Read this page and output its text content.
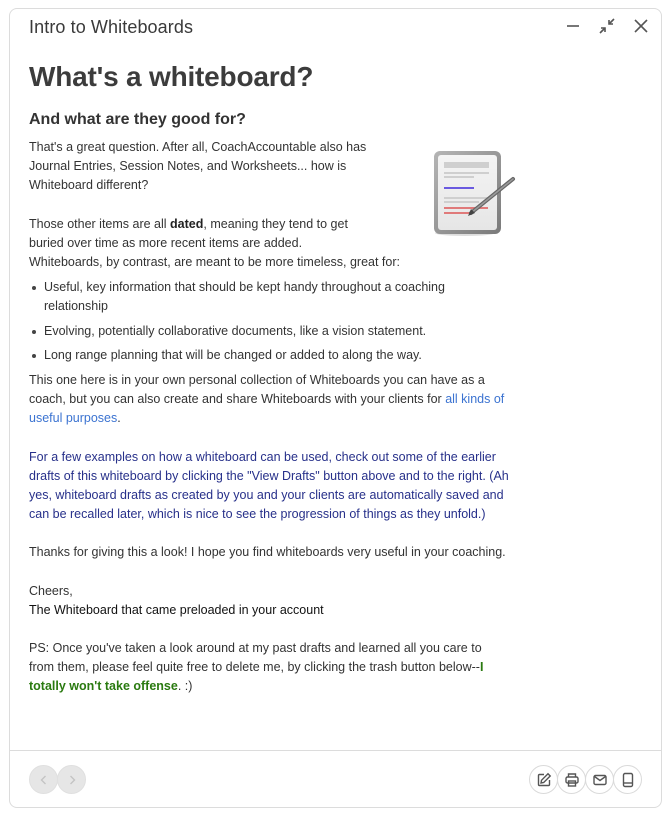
Intro to Whiteboards
What's a whiteboard?
And what are they good for?

That's a great question. After all, CoachAccountable also has Journal Entries, Session Notes, and Worksheets... how is Whiteboard different?

Those other items are all dated, meaning they tend to get buried over time as more recent items are added.

Whiteboards, by contrast, are meant to be more timeless, great for:

Useful, key information that should be kept handy throughout a coaching relationship
Evolving, potentially collaborative documents, like a vision statement.
Long range planning that will be changed or added to along the way.

This one here is in your own personal collection of Whiteboards you can have as a coach, but you can also create and share Whiteboards with your clients for all kinds of useful purposes.

For a few examples on how a whiteboard can be used, check out some of the earlier drafts of this whiteboard by clicking the "View Drafts" button above and to the right. (Ah yes, whiteboard drafts as created by you and your clients are automatically saved and can be recalled later, which is nice to see the progression of things as they unfold.)

Thanks for giving this a look! I hope you find whiteboards very useful in your coaching.

Cheers,

The Whiteboard that came preloaded in your account

PS: Once you've taken a look around at my past drafts and learned all you care to from them, please feel quite free to delete me, by clicking the trash button below--I totally won't take offense. :)
